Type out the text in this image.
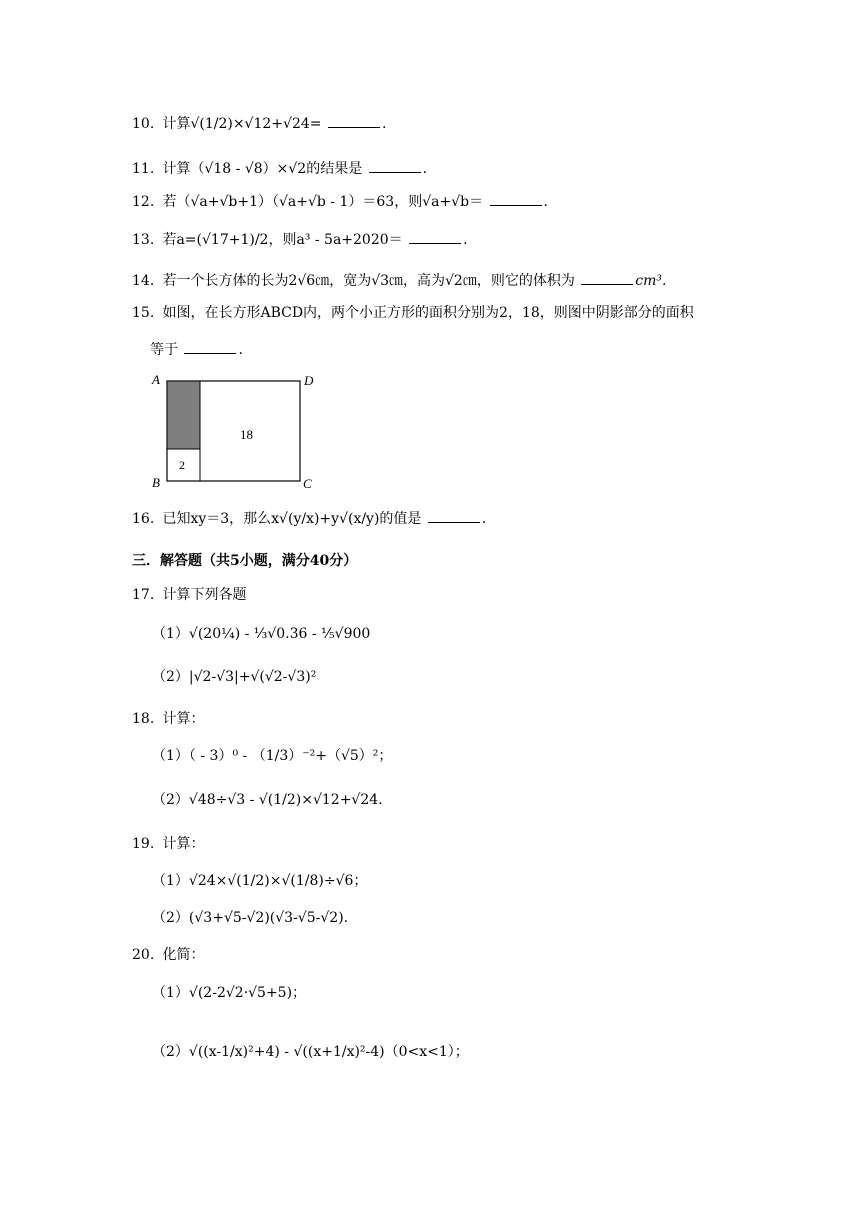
10. 计算√(1/2)×√12+√24=	.
11. 计算（√18 - √8）×√2的结果是	.
12. 若（√a+√b+1）（√a+√b - 1）＝63，则√a+√b＝	.
13. 若a=(√17+1)/2，则a³ - 5a+2020＝	.
14. 若一个长方体的长为2√6㎝，宽为√3㎝，高为√2㎝，则它的体积为	cm³.
15. 如图，在长方形ABCD内，两个小正方形的面积分别为2，18，则图中阴影部分的面积
等于	.
A
B	C
D
2
18
16. 已知xy＝3，那么x√(y/x)+y√(x/y)的值是	.
三．解答题（共5小题，满分40分）
17. 计算下列各题
（1）√(20¼) - ⅓√0.36 - ⅕√900
（2）|√2-√3|+√(√2-√3)²
18. 计算：
（1）（ - 3）⁰ - （1/3）⁻²+（√5）²；
（2）√48÷√3 - √(1/2)×√12+√24.
19. 计算：
（1）√24×√(1/2)×√(1/8)÷√6；
（2）(√3+√5-√2)(√3-√5-√2).
20. 化简：
（1）√(2-2√2·√5+5)；
（2）√((x-1/x)²+4) - √((x+1/x)²-4)（0<x<1）；
